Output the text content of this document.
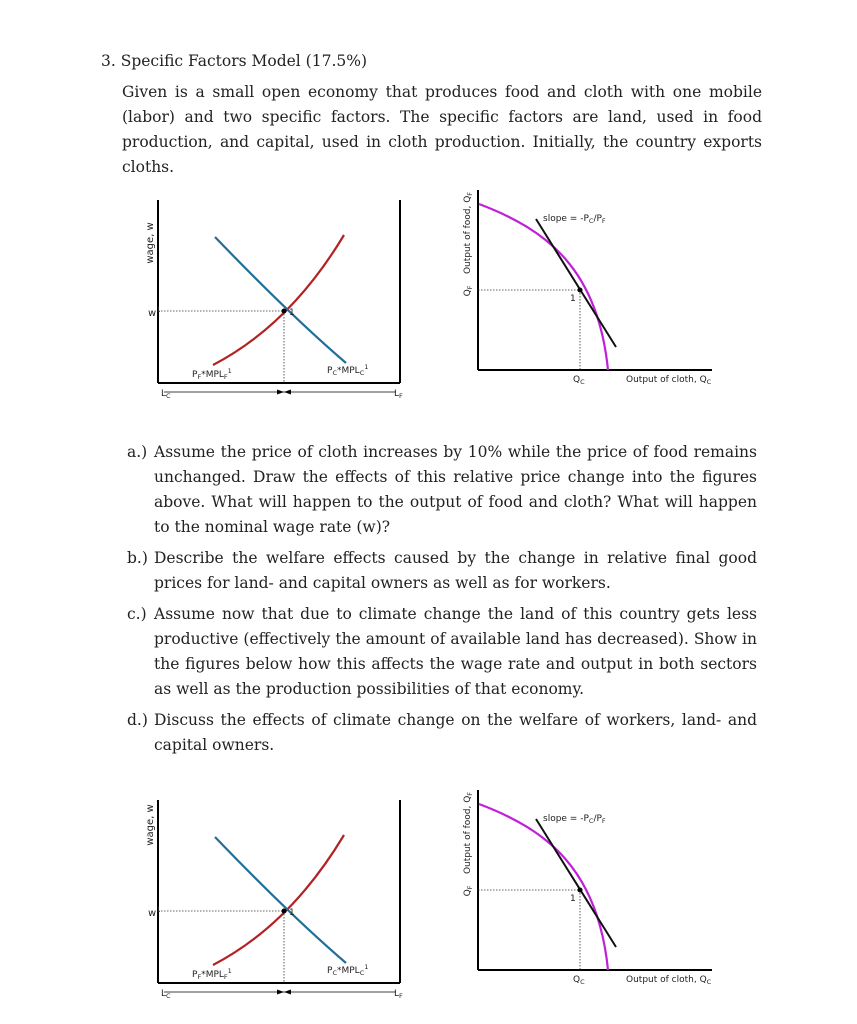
3. Specific Factors Model (17.5%)
Given is a small open economy that produces food and cloth with one mobile (labor) and two specific factors. The specific factors are land, used in food production, and capital, used in cloth production. Initially, the country exports cloths.
wage, w
1
$w^1$
$P_F*MPL_F^1$	$P_C*MPL_C^1$
$L_C$	$L_F$
Output of food, $Q_F$
1
slope = $-P_C/P_F$
$Q_F$
$Q_C$	Output of cloth, $Q_C$
a.) Assume the price of cloth increases by 10% while the price of food remains unchanged. Draw the effects of this relative price change into the figures above. What will happen to the output of food and cloth? What will happen to the nominal wage rate (w)?
b.) Describe the welfare effects caused by the change in relative final good prices for land- and capital owners as well as for workers.
c.) Assume now that due to climate change the land of this country gets less productive (effectively the amount of available land has decreased). Show in the figures below how this affects the wage rate and output in both sectors as well as the production possibilities of that economy.
d.) Discuss the effects of climate change on the welfare of workers, land- and capital owners.
wage, w
1
$w^1$
$P_F*MPL_F^1$	$P_C*MPL_C^1$
$L_C$	$L_F$
Output of food, $Q_F$
1
slope = $-P_C/P_F$
$Q_F$
$Q_C$	Output of cloth, $Q_C$
